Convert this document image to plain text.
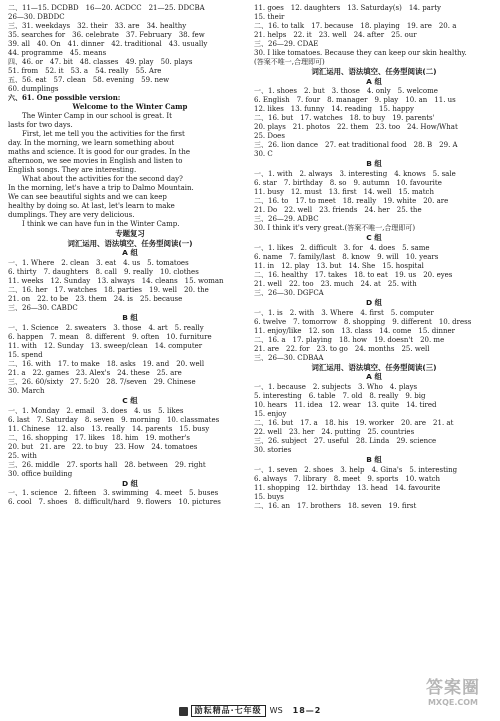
二、11—15. DCDBD　16—20. ACDCC　21—25. DDCBA
26—30. DBDDC
三、31. weekdays　32. their　33. are　34. healthy
35. searches for　36. celebrate　37. February　38. few
39. all　40. On　41. dinner　42. traditional　43. usually
44. programme　45. means
四、46. or　47. bit　48. classes　49. play　50. plays
51. from　52. it　53. a　54. really　55. Are
五、56. eat　57. clean　58. evening　59. new
60. dumplings
六、61. One possible version:
Welcome to the Winter Camp
The Winter Camp in our school is great. It
lasts for two days.
First, let me tell you the activities for the first
day. In the morning, we learn something about
maths and science. It is good for our grades. In the
afternoon, we see movies in English and listen to
English songs. They are interesting.
What about the activities for the second day?
In the morning, let's have a trip to Dalmo Mountain.
We can see beautiful sights and we can keep
healthy by doing so. At last, let's learn to make
dumplings. They are very delicious.
I think we can have fun in the Winter Camp.
专题复习
词汇运用、语法填空、任务型阅读(一)
A 组
一、1. Where　2. clean　3. eat　4. us　5. tomatoes
6. thirty　7. daughters　8. call　9. really　10. clothes
11. weeks　12. Sunday　13. always　14. cleans　15. woman
二、16. her　17. watches　18. parties　19. well　20. the
21. on　22. to be　23. them　24. is　25. because
三、26—30. CABDC
B 组
一、1. Science　2. sweaters　3. those　4. art　5. really
6. happen　7. mean　8. different　9. often　10. furniture
11. with　12. Sunday　13. sweep/clean　14. computer
15. spend
二、16. with　17. to make　18. asks　19. and　20. well
21. a　22. games　23. Alex's　24. these　25. are
三、26. 60/sixty　27. 5:20　28. 7/seven　29. Chinese
30. March
C 组
一、1. Monday　2. email　3. does　4. us　5. likes
6. last　7. Saturday　8. seven　9. morning　10. classmates
11. Chinese　12. also　13. really　14. parents　15. busy
二、16. shopping　17. likes　18. him　19. mother's
20. but　21. are　22. to buy　23. How　24. tomatoes
25. with
三、26. middle　27. sports hall　28. between　29. right
30. office building
D 组
一、1. science　2. fifteen　3. swimming　4. meet　5. buses
6. cool　7. shoes　8. difficult/hard　9. flowers　10. pictures
11. goes　12. daughters　13. Saturday(s)　14. party
15. their
二、16. to talk　17. because　18. playing　19. are　20. a
21. helps　22. it　23. well　24. after　25. our
三、26—29. CDAE
30. I like tomatoes. Because they can keep our skin healthy.
(答案不唯一,合理即可)
词汇运用、语法填空、任务型阅读(二)
A 组
一、1. shoes　2. but　3. those　4. only　5. welcome
6. English　7. four　8. manager　9. play　10. an　11. us
12. likes　13. funny　14. reading　15. happy
二、16. but　17. watches　18. to buy　19. parents'
20. plays　21. photos　22. them　23. too　24. How/What
25. Does
三、26. lion dance　27. eat traditional food　28. B　29. A
30. C
B 组
一、1. with　2. always　3. interesting　4. knows　5. sale
6. star　7. birthday　8. so　9. autumn　10. favourite
11. busy　12. must　13. first　14. well　15. match
二、16. to　17. to meet　18. really　19. white　20. are
21. Do　22. well　23. friends　24. her　25. the
三、26—29. ADBC
30. I think it's very great.(答案不唯一,合理即可)
C 组
一、1. likes　2. difficult　3. for　4. does　5. same
6. name　7. family/last　8. know　9. will　10. years
11. in　12. play　13. but　14. She　15. hospital
二、16. healthy　17. takes　18. to eat　19. us　20. eyes
21. well　22. too　23. much　24. at　25. with
三、26—30. DGFCA
D 组
一、1. is　2. with　3. Where　4. first　5. computer
6. twelve　7. tomorrow　8. shopping　9. different　10. dress
11. enjoy/like　12. son　13. class　14. come　15. dinner
二、16. a　17. playing　18. how　19. doesn't　20. me
21. are　22. for　23. to go　24. months　25. well
三、26—30. CDBAA
词汇运用、语法填空、任务型阅读(三)
A 组
一、1. because　2. subjects　3. Who　4. plays
5. interesting　6. table　7. old　8. really　9. big
10. hears　11. idea　12. wear　13. quite　14. tired
15. enjoy
二、16. but　17. a　18. his　19. worker　20. are　21. at
22. well　23. her　24. putting　25. countries
三、26. subject　27. useful　28. Linda　29. science
30. stories
B 组
一、1. seven　2. shoes　3. help　4. Gina's　5. interesting
6. always　7. library　8. meet　9. sports　10. watch
11. shopping　12. birthday　13. head　14. favourite
15. buys
二、16. an　17. brothers　18. seven　19. first
励耘精品·七年级	WS 18—2
答案圈
MXQE.COM
